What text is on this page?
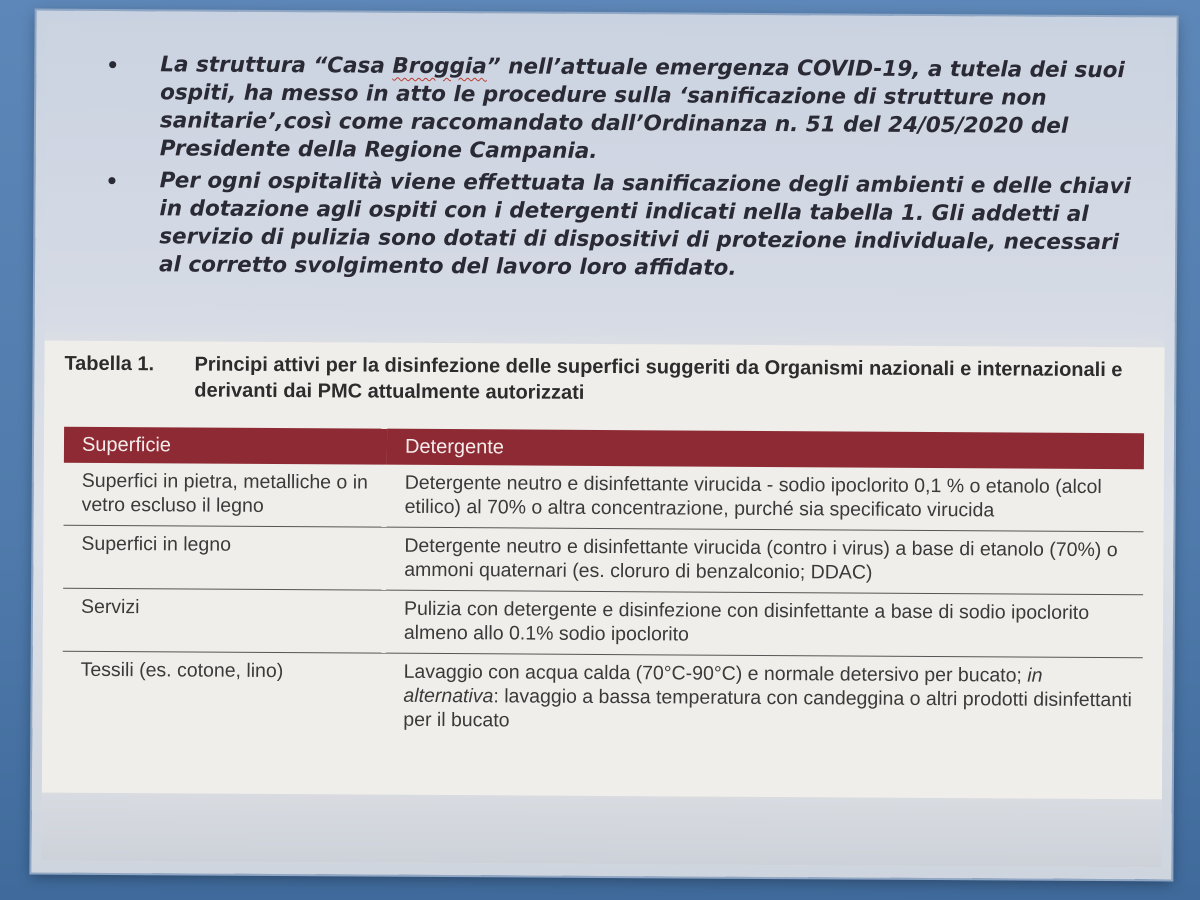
• La struttura “Casa Broggia” nell’attuale emergenza COVID-19, a tutela dei suoi ospiti, ha messo in atto le procedure sulla ‘sanificazione di strutture non sanitarie’,così come raccomandato dall’Ordinanza n. 51 del 24/05/2020 del Presidente della Regione Campania.
• Per ogni ospitalità viene effettuata la sanificazione degli ambienti e delle chiavi in dotazione agli ospiti con i detergenti indicati nella tabella 1. Gli addetti al servizio di pulizia sono dotati di dispositivi di protezione individuale, necessari al corretto svolgimento del lavoro loro affidato.
Tabella 1.	Principi attivi per la disinfezione delle superfici suggeriti da Organismi nazionali e internazionali e derivanti dai PMC attualmente autorizzati
Superficie	Detergente
Superfici in pietra, metalliche o in vetro escluso il legno	Detergente neutro e disinfettante virucida - sodio ipoclorito 0,1 % o etanolo (alcol etilico) al 70% o altra concentrazione, purché sia specificato virucida
Superfici in legno	Detergente neutro e disinfettante virucida (contro i virus) a base di etanolo (70%) o ammoni quaternari (es. cloruro di benzalconio; DDAC)
Servizi	Pulizia con detergente e disinfezione con disinfettante a base di sodio ipoclorito almeno allo 0.1% sodio ipoclorito
Tessili (es. cotone, lino)	Lavaggio con acqua calda (70°C-90°C) e normale detersivo per bucato; in alternativa: lavaggio a bassa temperatura con candeggina o altri prodotti disinfettanti per il bucato
